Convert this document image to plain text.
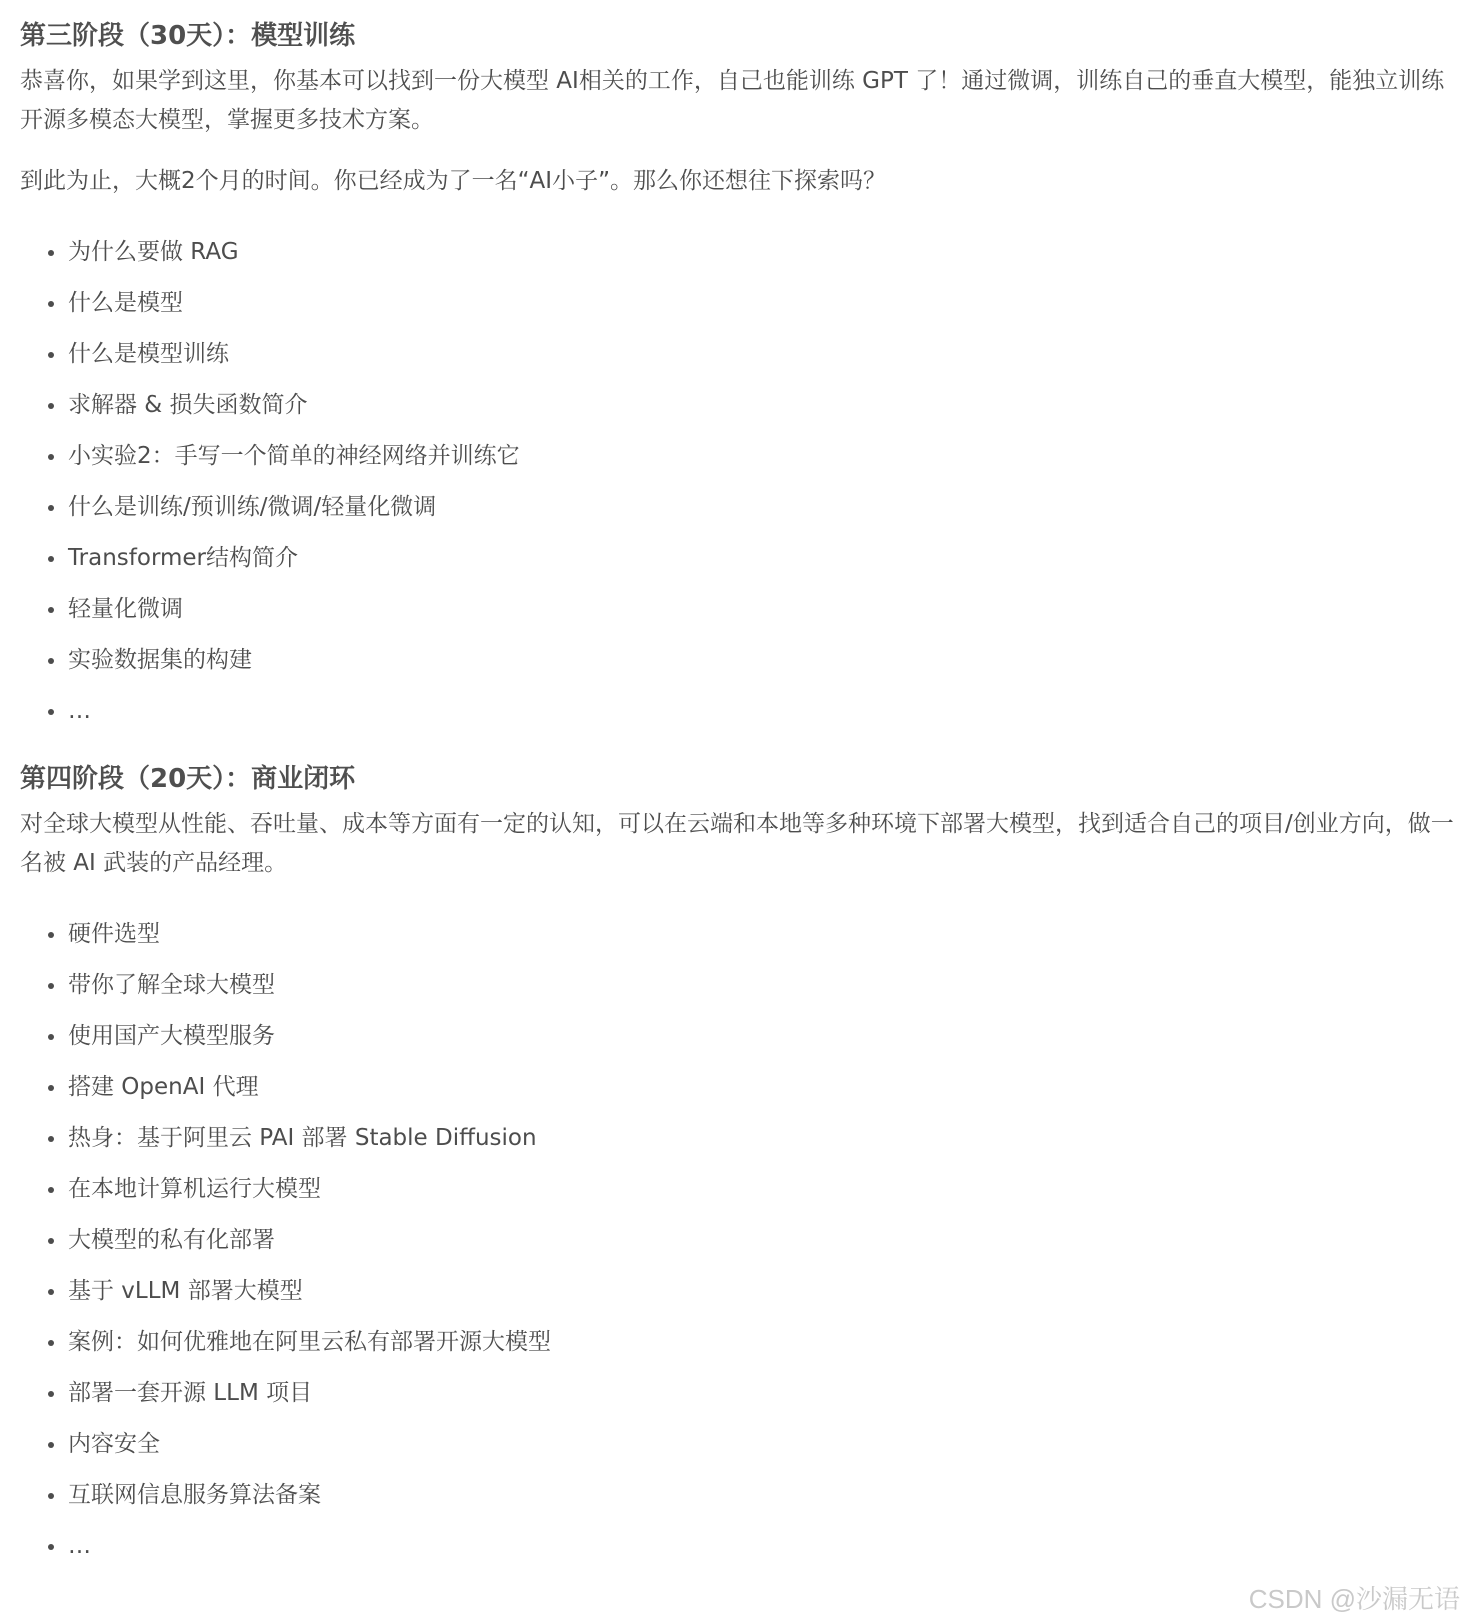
第三阶段（30天）：模型训练

恭喜你，如果学到这里，你基本可以找到一份大模型 AI相关的工作，自己也能训练 GPT 了！通过微调，训练自己的垂直大模型，能独立训练开源多模态大模型，掌握更多技术方案。

到此为止，大概2个月的时间。你已经成为了一名“AI小子”。那么你还想往下探索吗？

为什么要做 RAG
什么是模型
什么是模型训练
求解器 & 损失函数简介
小实验2：手写一个简单的神经网络并训练它
什么是训练/预训练/微调/轻量化微调
Transformer结构简介
轻量化微调
实验数据集的构建
…
第四阶段（20天）：商业闭环

对全球大模型从性能、吞吐量、成本等方面有一定的认知，可以在云端和本地等多种环境下部署大模型，找到适合自己的项目/创业方向，做一名被 AI 武装的产品经理。

硬件选型
带你了解全球大模型
使用国产大模型服务
搭建 OpenAI 代理
热身：基于阿里云 PAI 部署 Stable Diffusion
在本地计算机运行大模型
大模型的私有化部署
基于 vLLM 部署大模型
案例：如何优雅地在阿里云私有部署开源大模型
部署一套开源 LLM 项目
内容安全
互联网信息服务算法备案
…
CSDN @沙漏无语
